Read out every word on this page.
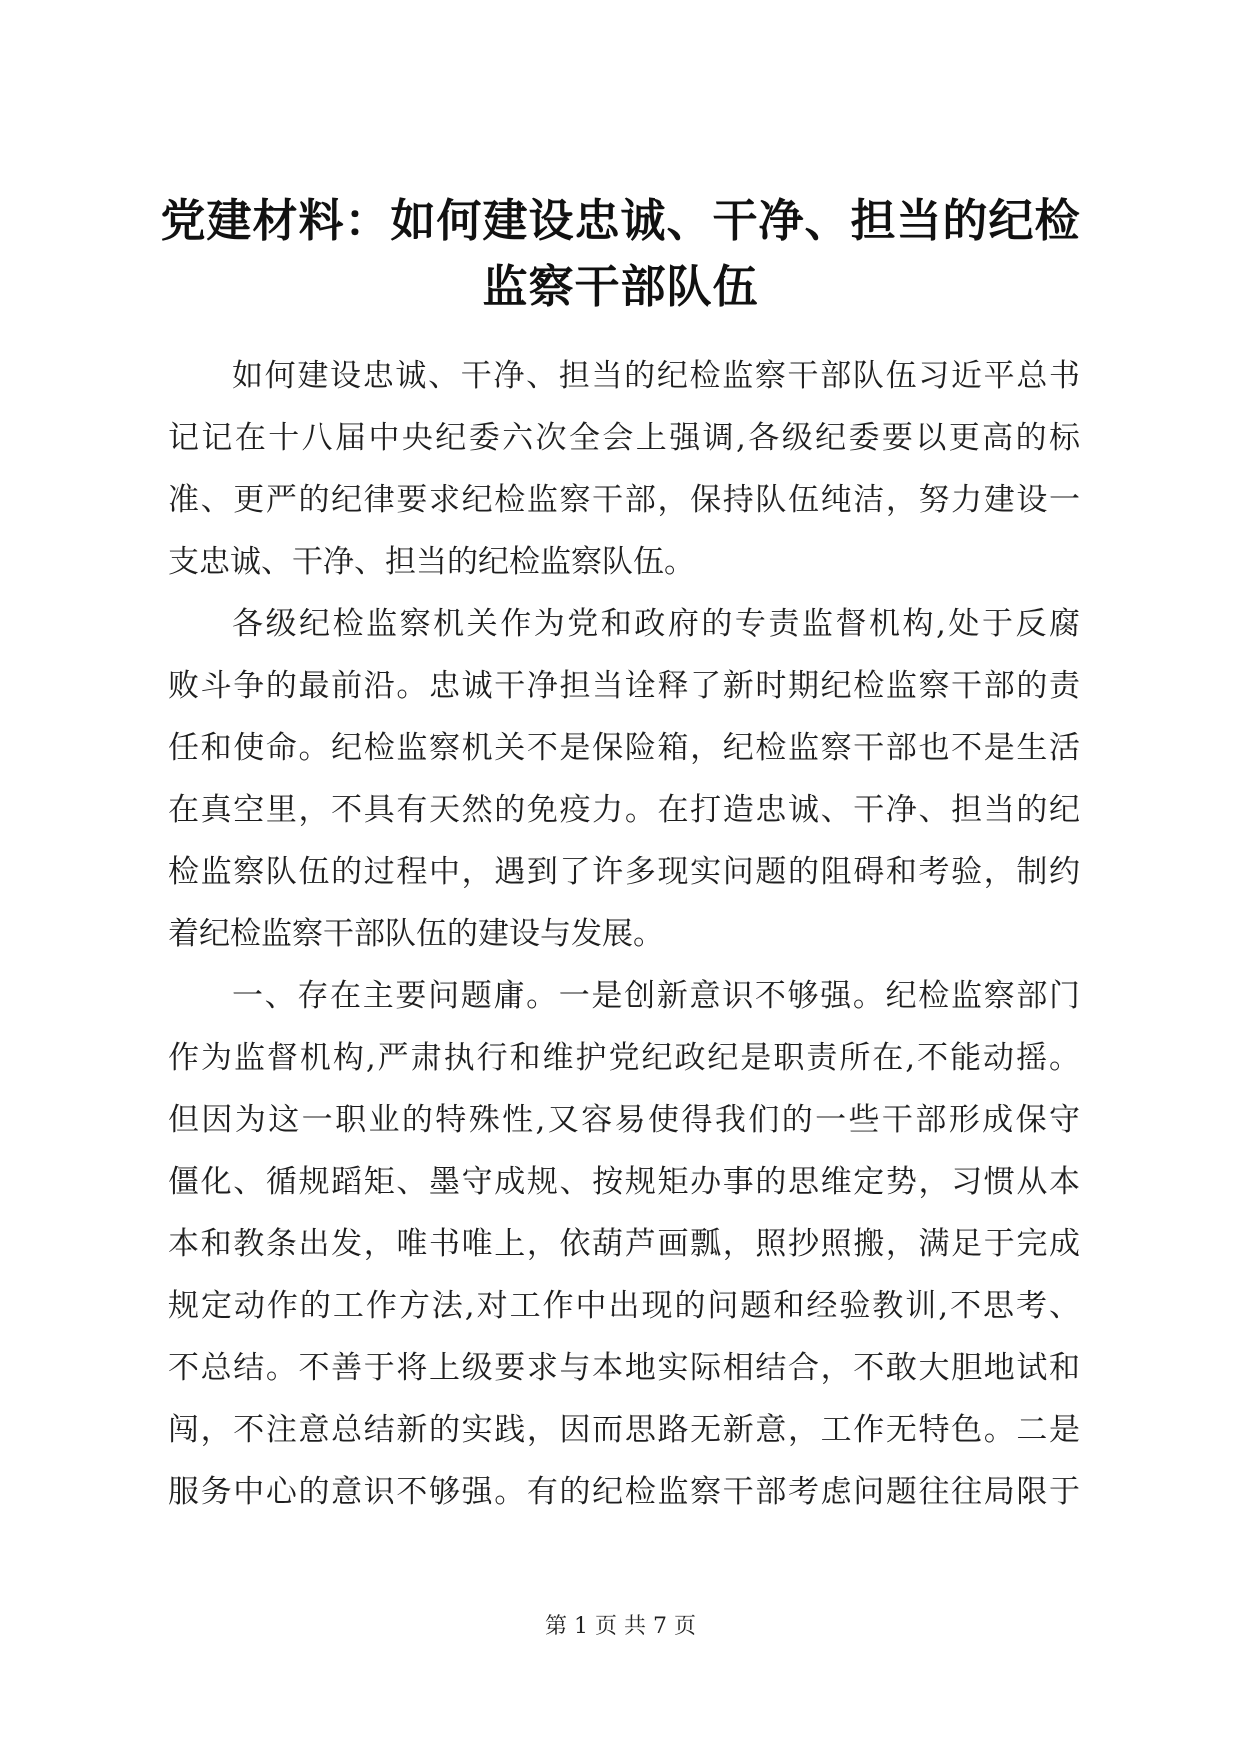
党建材料：如何建设忠诚、干净、担当的纪检
监察干部队伍
如何建设忠诚、干净、担当的纪检监察干部队伍习近平总书
记记在十八届中央纪委六次全会上强调,各级纪委要以更高的标
准、更严的纪律要求纪检监察干部，保持队伍纯洁，努力建设一
支忠诚、干净、担当的纪检监察队伍。
各级纪检监察机关作为党和政府的专责监督机构,处于反腐
败斗争的最前沿。忠诚干净担当诠释了新时期纪检监察干部的责
任和使命。纪检监察机关不是保险箱，纪检监察干部也不是生活
在真空里，不具有天然的免疫力。在打造忠诚、干净、担当的纪
检监察队伍的过程中，遇到了许多现实问题的阻碍和考验，制约
着纪检监察干部队伍的建设与发展。
一、存在主要问题庸。一是创新意识不够强。纪检监察部门
作为监督机构,严肃执行和维护党纪政纪是职责所在,不能动摇。
但因为这一职业的特殊性,又容易使得我们的一些干部形成保守
僵化、循规蹈矩、墨守成规、按规矩办事的思维定势，习惯从本
本和教条出发，唯书唯上，依葫芦画瓢，照抄照搬，满足于完成
规定动作的工作方法,对工作中出现的问题和经验教训,不思考、
不总结。不善于将上级要求与本地实际相结合，不敢大胆地试和
闯，不注意总结新的实践，因而思路无新意，工作无特色。二是
服务中心的意识不够强。有的纪检监察干部考虑问题往往局限于
第 1 页 共 7 页
